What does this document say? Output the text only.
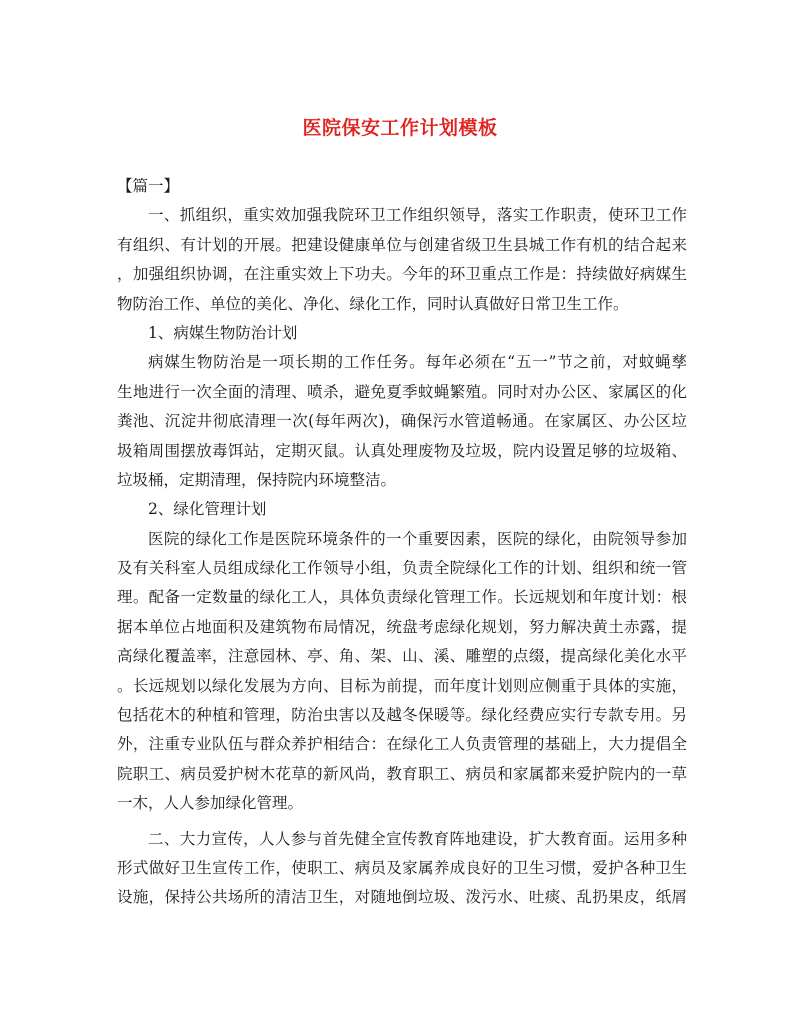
医院保安工作计划模板
【篇一】
一、抓组织，重实效加强我院环卫工作组织领导，落实工作职责，使环卫工作
有组织、有计划的开展。把建设健康单位与创建省级卫生县城工作有机的结合起来
，加强组织协调，在注重实效上下功夫。今年的环卫重点工作是：持续做好病媒生
物防治工作、单位的美化、净化、绿化工作，同时认真做好日常卫生工作。
1、病媒生物防治计划
病媒生物防治是一项长期的工作任务。每年必须在“五一”节之前，对蚊蝇孳
生地进行一次全面的清理、喷杀，避免夏季蚊蝇繁殖。同时对办公区、家属区的化
粪池、沉淀井彻底清理一次(每年两次)，确保污水管道畅通。在家属区、办公区垃
圾箱周围摆放毒饵站，定期灭鼠。认真处理废物及垃圾，院内设置足够的垃圾箱、
垃圾桶，定期清理，保持院内环境整洁。
2、绿化管理计划
医院的绿化工作是医院环境条件的一个重要因素，医院的绿化，由院领导参加
及有关科室人员组成绿化工作领导小组，负责全院绿化工作的计划、组织和统一管
理。配备一定数量的绿化工人，具体负责绿化管理工作。长远规划和年度计划：根
据本单位占地面积及建筑物布局情况，统盘考虑绿化规划，努力解决黄土赤露，提
高绿化覆盖率，注意园林、亭、角、架、山、溪、雕塑的点缀，提高绿化美化水平
。长远规划以绿化发展为方向、目标为前提，而年度计划则应侧重于具体的实施，
包括花木的种植和管理，防治虫害以及越冬保暖等。绿化经费应实行专款专用。另
外，注重专业队伍与群众养护相结合：在绿化工人负责管理的基础上，大力提倡全
院职工、病员爱护树木花草的新风尚，教育职工、病员和家属都来爱护院内的一草
一木，人人参加绿化管理。
二、大力宣传，人人参与首先健全宣传教育阵地建设，扩大教育面。运用多种
形式做好卫生宣传工作，使职工、病员及家属养成良好的卫生习惯，爱护各种卫生
设施，保持公共场所的清洁卫生，对随地倒垃圾、泼污水、吐痰、乱扔果皮，纸屑
